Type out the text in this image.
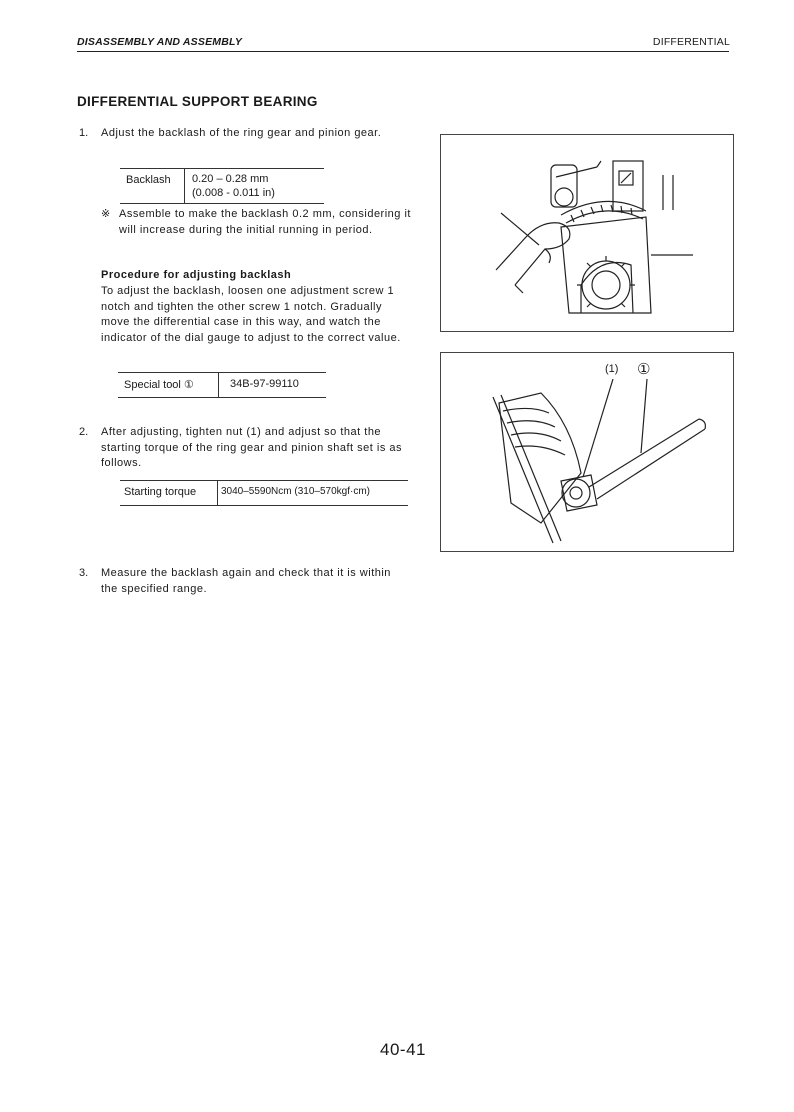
DISASSEMBLY AND ASSEMBLY	DIFFERENTIAL
DIFFERENTIAL SUPPORT BEARING
1. Adjust the backlash of the ring gear and pinion gear.
Backlash 0.20 – 0.28 mm
(0.008 - 0.011 in)
※ Assemble to make the backlash 0.2 mm, considering it will increase during the initial running in period.
Procedure for adjusting backlash
To adjust the backlash, loosen one adjustment screw 1 notch and tighten the other screw 1 notch. Gradually move the differential case in this way, and watch the indicator of the dial gauge to adjust to the correct value.
Special tool ①	34B-97-99110
2. After adjusting, tighten nut (1) and adjust so that the starting torque of the ring gear and pinion shaft set is as follows.
Starting torque 3040–5590Ncm (310–570kgf·cm)
3. Measure the backlash again and check that it is within the specified range.
(1) ①
40-41
